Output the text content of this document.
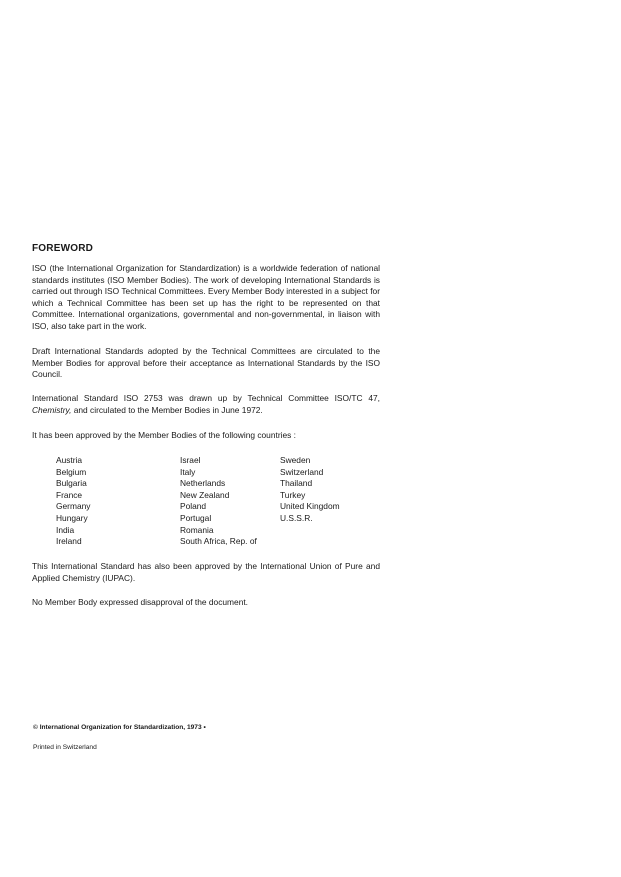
FOREWORD

ISO (the International Organization for Standardization) is a worldwide federation of national standards institutes (ISO Member Bodies). The work of developing International Standards is carried out through ISO Technical Committees. Every Member Body interested in a subject for which a Technical Committee has been set up has the right to be represented on that Committee. International organizations, governmental and non-governmental, in liaison with ISO, also take part in the work.

Draft International Standards adopted by the Technical Committees are circulated to the Member Bodies for approval before their acceptance as International Standards by the ISO Council.

International Standard ISO 2753 was drawn up by Technical Committee ISO/TC 47, Chemistry, and circulated to the Member Bodies in June 1972.

It has been approved by the Member Bodies of the following countries :

Austria
Belgium
Bulgaria
France
Germany
Hungary
India
Ireland
Israel
Italy
Netherlands
New Zealand
Poland
Portugal
Romania
South Africa, Rep. of
Sweden
Switzerland
Thailand
Turkey
United Kingdom
U.S.S.R.

This International Standard has also been approved by the International Union of Pure and Applied Chemistry (IUPAC).

No Member Body expressed disapproval of the document.

© International Organization for Standardization, 1973 •
Printed in Switzerland
